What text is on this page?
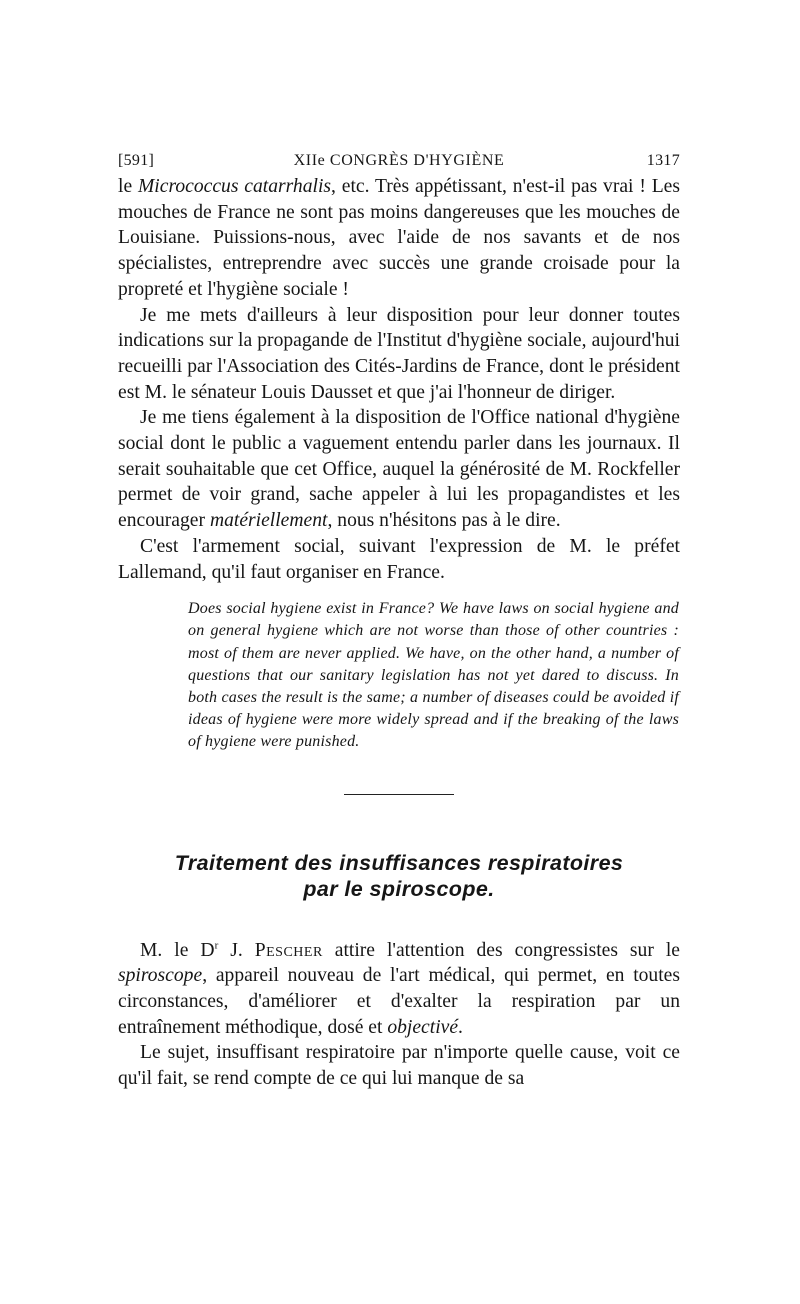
[591]	XIIe CONGRÈS D'HYGIÈNE	1317

le Micrococcus catarrhalis, etc. Très appétissant, n'est-il pas vrai ! Les mouches de France ne sont pas moins dangereuses que les mouches de Louisiane. Puissions-nous, avec l'aide de nos savants et de nos spécialistes, entreprendre avec succès une grande croisade pour la propreté et l'hygiène sociale !

Je me mets d'ailleurs à leur disposition pour leur donner toutes indications sur la propagande de l'Institut d'hygiène sociale, aujourd'hui recueilli par l'Association des Cités-Jardins de France, dont le président est M. le sénateur Louis Dausset et que j'ai l'honneur de diriger.

Je me tiens également à la disposition de l'Office national d'hygiène social dont le public a vaguement entendu parler dans les journaux. Il serait souhaitable que cet Office, auquel la générosité de M. Rockfeller permet de voir grand, sache appeler à lui les propagandistes et les encourager matériellement, nous n'hésitons pas à le dire.

C'est l'armement social, suivant l'expression de M. le préfet Lallemand, qu'il faut organiser en France.

Does social hygiene exist in France? We have laws on social hygiene and on general hygiene which are not worse than those of other countries : most of them are never applied. We have, on the other hand, a number of questions that our sanitary legislation has not yet dared to discuss. In both cases the result is the same; a number of diseases could be avoided if ideas of hygiene were more widely spread and if the breaking of the laws of hygiene were punished.

Traitement des insuffisances respiratoires
par le spiroscope.

M. le $D^r$ J. Pescher attire l'attention des congressistes sur le spiroscope, appareil nouveau de l'art médical, qui permet, en toutes circonstances, d'améliorer et d'exalter la respiration par un entraînement méthodique, dosé et objectivé.

Le sujet, insuffisant respiratoire par n'importe quelle cause, voit ce qu'il fait, se rend compte de ce qui lui manque de sa
